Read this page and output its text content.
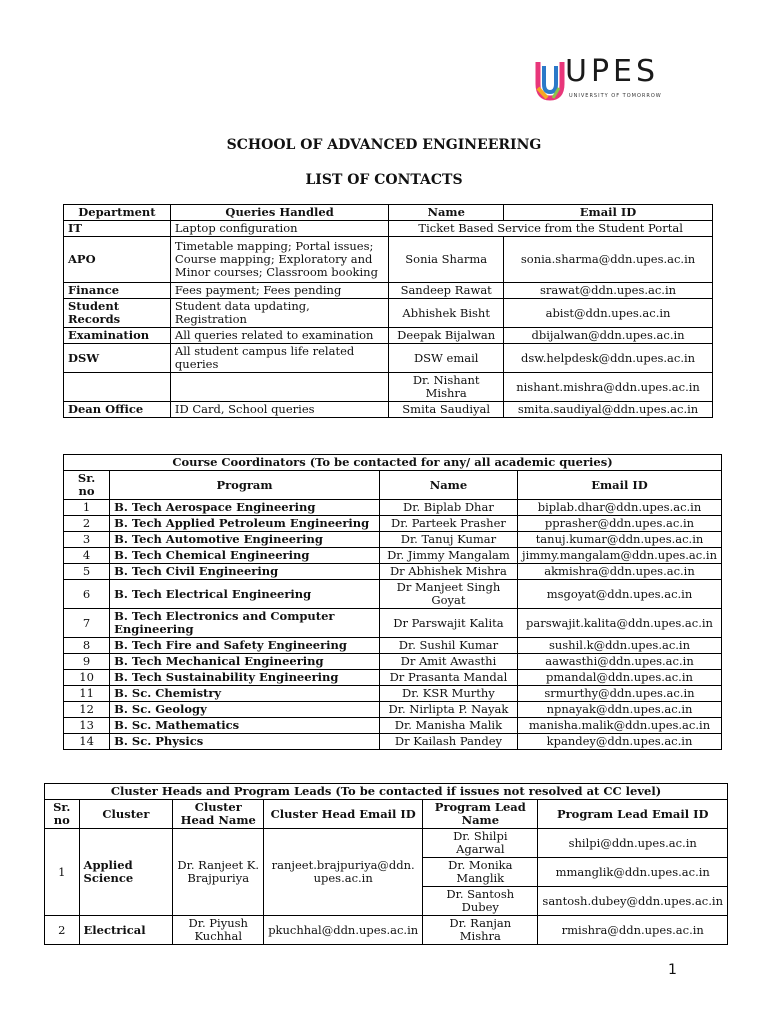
UPES
UNIVERSITY OF TOMORROW
SCHOOL OF ADVANCED ENGINEERING
LIST OF CONTACTS
Department	Queries Handled	Name	Email ID
IT	Laptop configuration	Ticket Based Service from the Student Portal	
APO	Timetable mapping; Portal issues; Course mapping; Exploratory and Minor courses; Classroom booking	Sonia Sharma	sonia.sharma@ddn.upes.ac.in
Finance	Fees payment; Fees pending	Sandeep Rawat	srawat@ddn.upes.ac.in
Student Records	Student data updating, Registration	Abhishek Bisht	abist@ddn.upes.ac.in
Examination	All queries related to examination	Deepak Bijalwan	dbijalwan@ddn.upes.ac.in
DSW	All student campus life related queries	DSW email	dsw.helpdesk@ddn.upes.ac.in
		Dr. Nishant Mishra	nishant.mishra@ddn.upes.ac.in
Dean Office	ID Card, School queries	Smita Saudiyal	smita.saudiyal@ddn.upes.ac.in
Course Coordinators (To be contacted for any/ all academic queries)			
Sr. no	Program	Name	Email ID
1	B. Tech Aerospace Engineering	Dr. Biplab Dhar	biplab.dhar@ddn.upes.ac.in
2	B. Tech Applied Petroleum Engineering	Dr. Parteek Prasher	pprasher@ddn.upes.ac.in
3	B. Tech Automotive Engineering	Dr. Tanuj Kumar	tanuj.kumar@ddn.upes.ac.in
4	B. Tech Chemical Engineering	Dr. Jimmy Mangalam	jimmy.mangalam@ddn.upes.ac.in
5	B. Tech Civil Engineering	Dr Abhishek Mishra	akmishra@ddn.upes.ac.in
6	B. Tech Electrical Engineering	Dr Manjeet Singh Goyat	msgoyat@ddn.upes.ac.in
7	B. Tech Electronics and Computer Engineering	Dr Parswajit Kalita	parswajit.kalita@ddn.upes.ac.in
8	B. Tech Fire and Safety Engineering	Dr. Sushil Kumar	sushil.k@ddn.upes.ac.in
9	B. Tech Mechanical Engineering	Dr Amit Awasthi	aawasthi@ddn.upes.ac.in
10	B. Tech Sustainability Engineering	Dr Prasanta Mandal	pmandal@ddn.upes.ac.in
11	B. Sc. Chemistry	Dr. KSR Murthy	srmurthy@ddn.upes.ac.in
12	B. Sc. Geology	Dr. Nirlipta P. Nayak	npnayak@ddn.upes.ac.in
13	B. Sc. Mathematics	Dr. Manisha Malik	manisha.malik@ddn.upes.ac.in
14	B. Sc. Physics	Dr Kailash Pandey	kpandey@ddn.upes.ac.in
Cluster Heads and Program Leads (To be contacted if issues not resolved at CC level)					
Sr. no	Cluster	Cluster Head Name	Cluster Head Email ID	Program Lead Name	Program Lead Email ID
1	Applied Science	Dr. Ranjeet K. Brajpuriya	ranjeet.brajpuriya@ddn.upes.ac.in	Dr. Shilpi Agarwal	shilpi@ddn.upes.ac.in
				Dr. Monika Manglik	mmanglik@ddn.upes.ac.in
				Dr. Santosh Dubey	santosh.dubey@ddn.upes.ac.in
2	Electrical	Dr. Piyush Kuchhal	pkuchhal@ddn.upes.ac.in	Dr. Ranjan Mishra	rmishra@ddn.upes.ac.in
1
